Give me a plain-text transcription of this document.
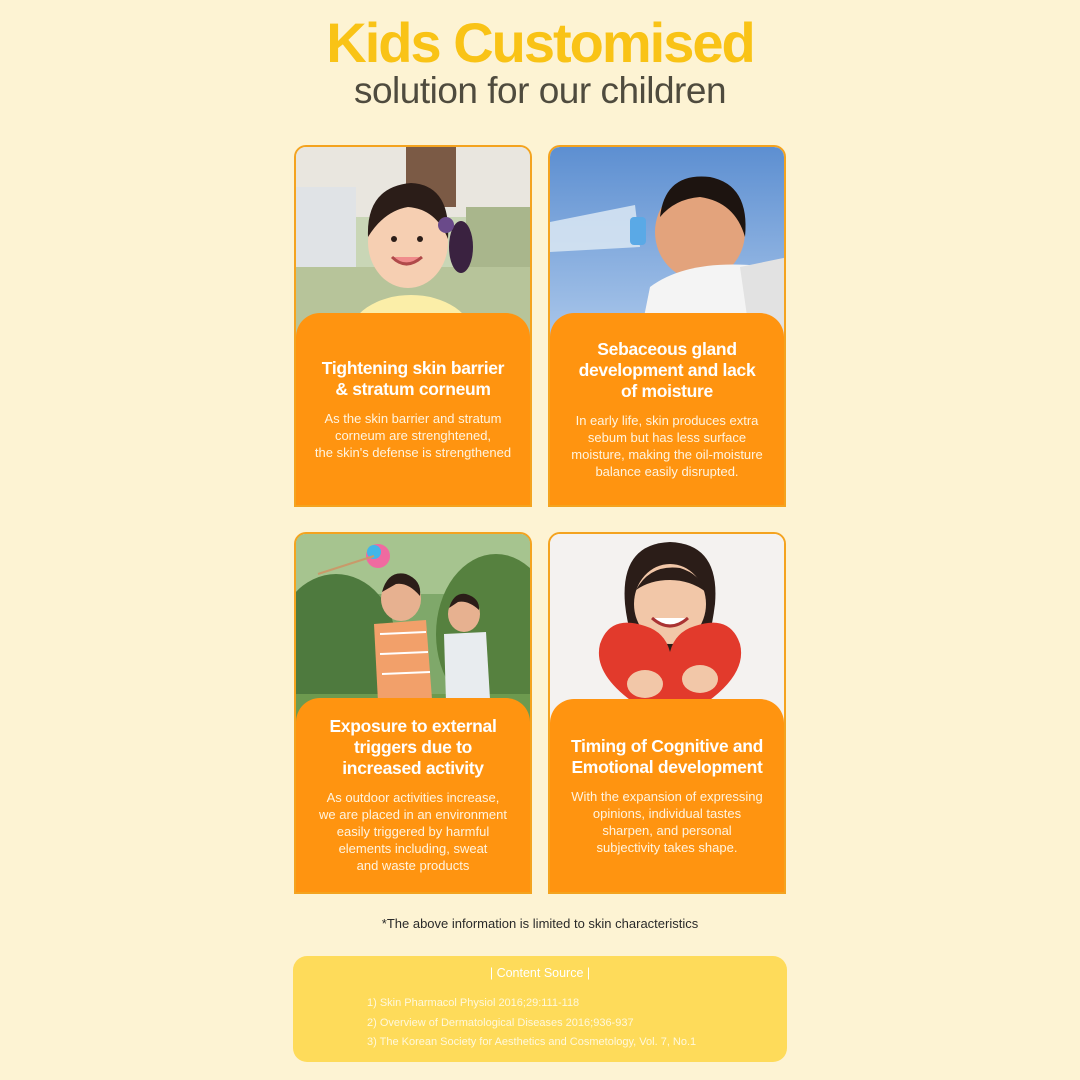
Kids Customised
solution for our children
Tightening skin barrier
& stratum corneum

As the skin barrier and stratum
corneum are strenghtened,
the skin's defense is strengthened

Sebaceous gland
development and lack
of moisture

In early life, skin produces extra
sebum but has less surface
moisture, making the oil-moisture
balance easily disrupted.

Exposure to external
triggers due to
increased activity

As outdoor activities increase,
we are placed in an environment
easily triggered by harmful
elements including, sweat
and waste products

Timing of Cognitive and
Emotional development

With the expansion of expressing
opinions, individual tastes
sharpen, and personal
subjectivity takes shape.

*The above information is limited to skin characteristics
| Content Source |
1) Skin Pharmacol Physiol 2016;29:111-118
2) Overview of Dermatological Diseases 2016;936-937
3) The Korean Society for Aesthetics and Cosmetology, Vol. 7, No.1
